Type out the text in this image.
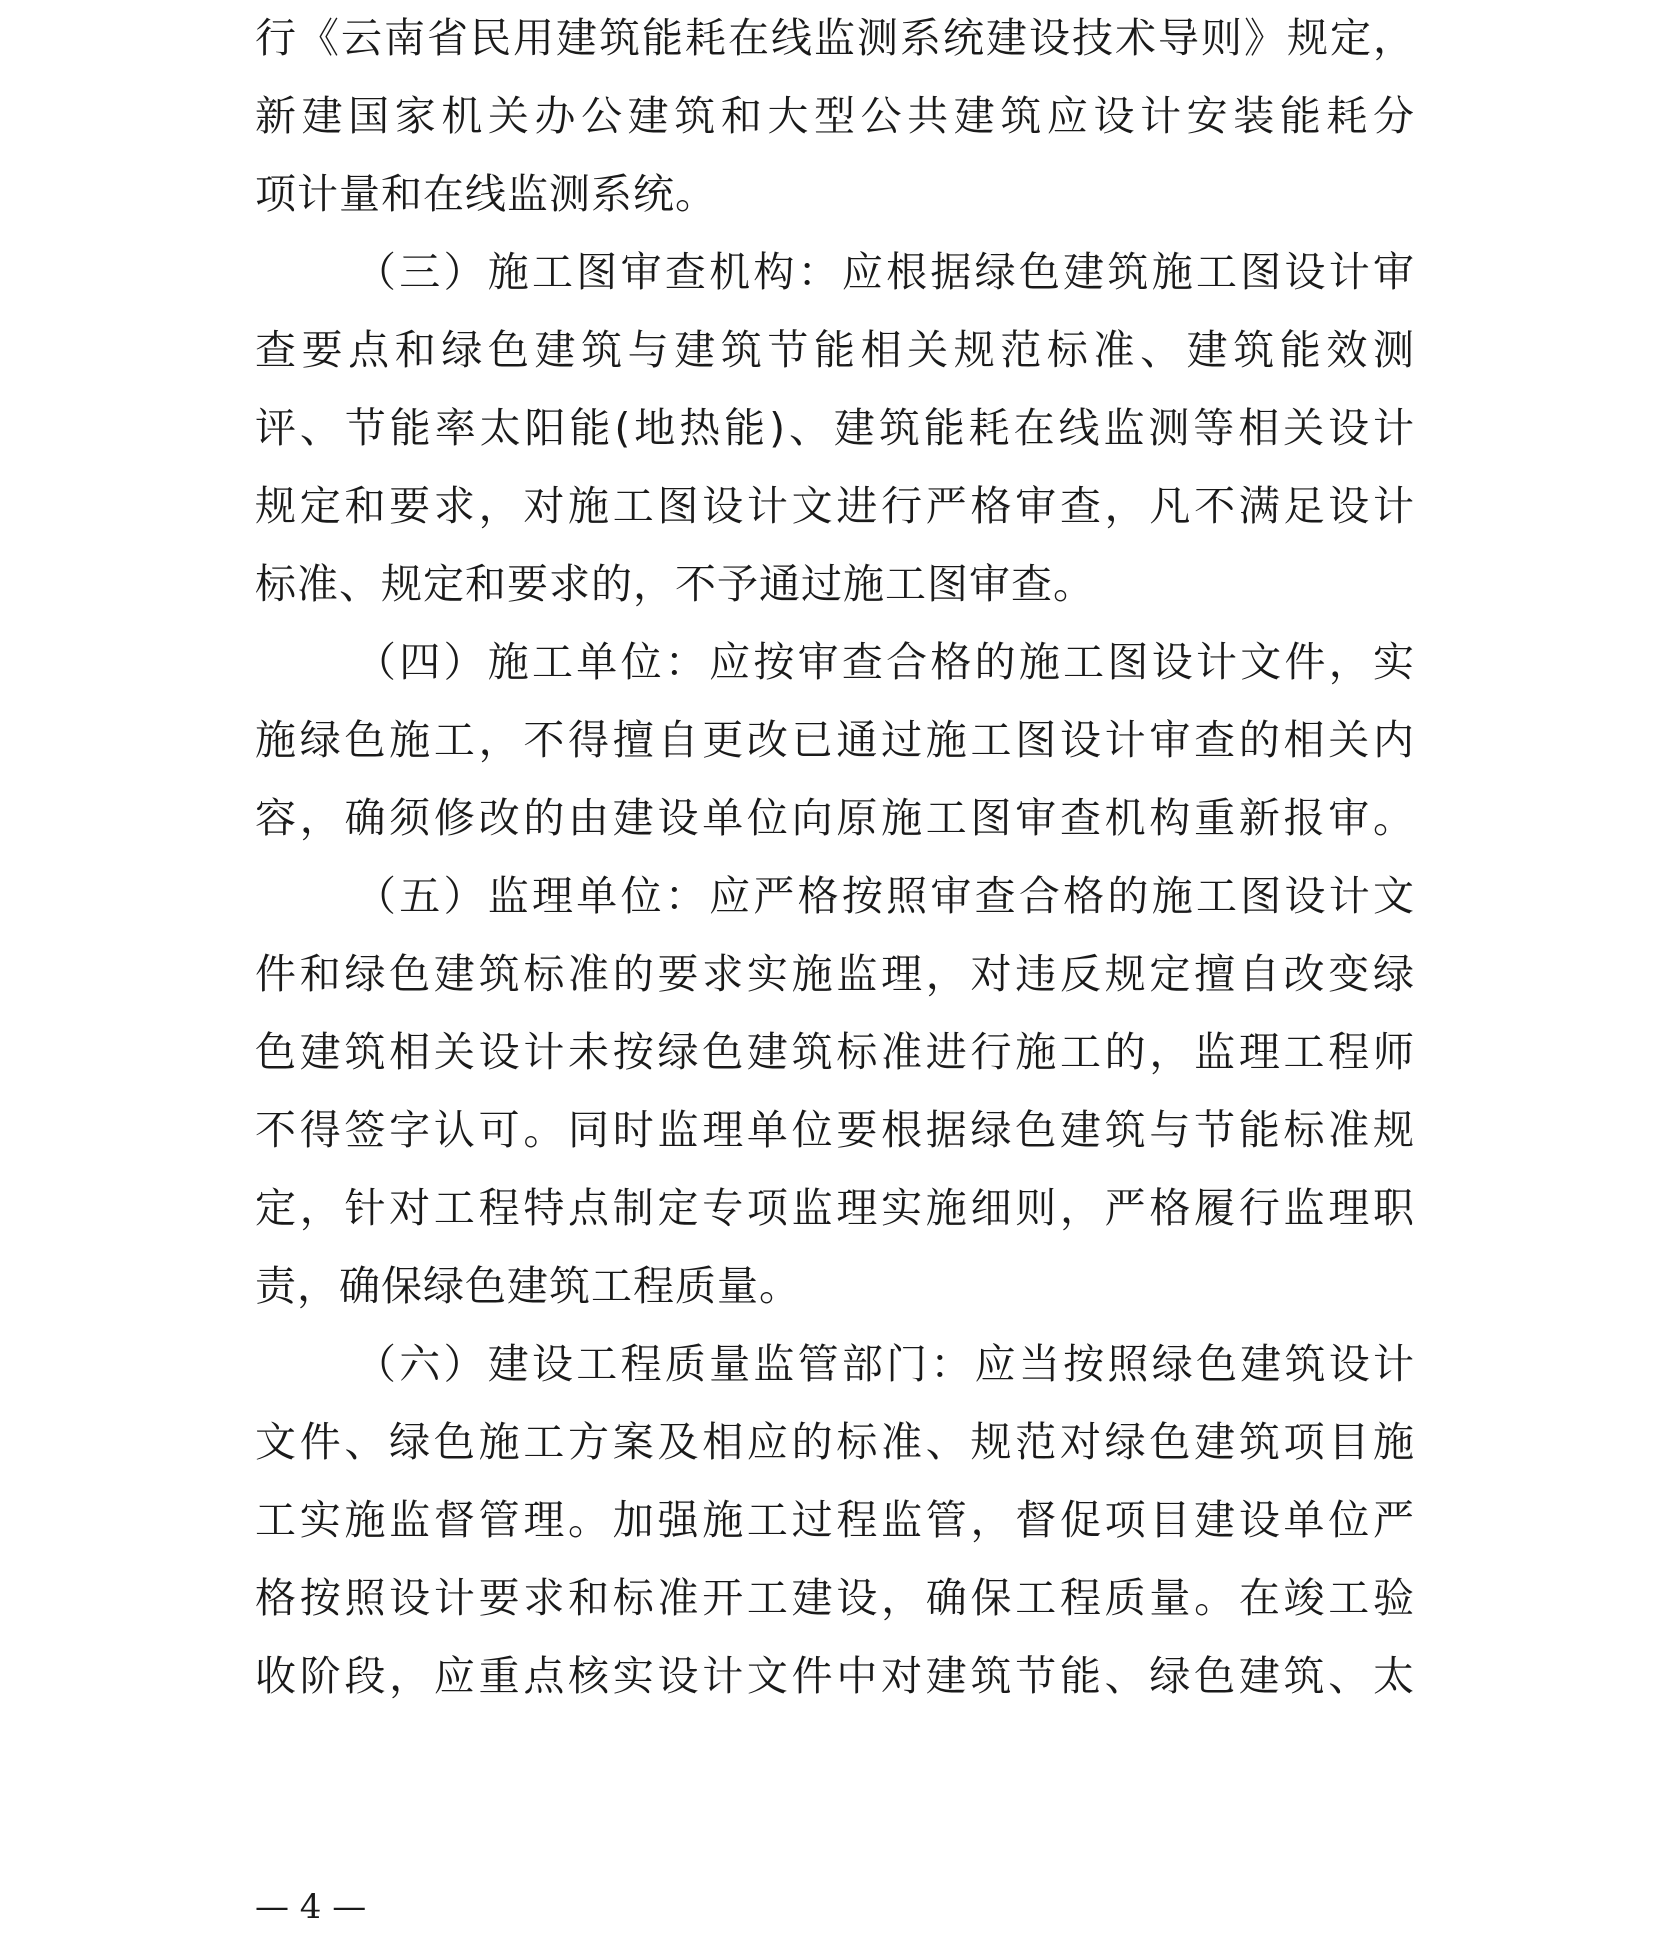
行《云南省民用建筑能耗在线监测系统建设技术导则》规定，
新建国家机关办公建筑和大型公共建筑应设计安装能耗分
项计量和在线监测系统。
（三）施工图审查机构：应根据绿色建筑施工图设计审
查要点和绿色建筑与建筑节能相关规范标准、建筑能效测
评、节能率太阳能(地热能)、建筑能耗在线监测等相关设计
规定和要求，对施工图设计文进行严格审查，凡不满足设计
标准、规定和要求的，不予通过施工图审查。
（四）施工单位：应按审查合格的施工图设计文件，实
施绿色施工，不得擅自更改已通过施工图设计审查的相关内
容，确须修改的由建设单位向原施工图审查机构重新报审。
（五）监理单位：应严格按照审查合格的施工图设计文
件和绿色建筑标准的要求实施监理，对违反规定擅自改变绿
色建筑相关设计未按绿色建筑标准进行施工的，监理工程师
不得签字认可。同时监理单位要根据绿色建筑与节能标准规
定，针对工程特点制定专项监理实施细则，严格履行监理职
责，确保绿色建筑工程质量。
（六）建设工程质量监管部门：应当按照绿色建筑设计
文件、绿色施工方案及相应的标准、规范对绿色建筑项目施
工实施监督管理。加强施工过程监管，督促项目建设单位严
格按照设计要求和标准开工建设，确保工程质量。在竣工验
收阶段，应重点核实设计文件中对建筑节能、绿色建筑、太
— 4 —
